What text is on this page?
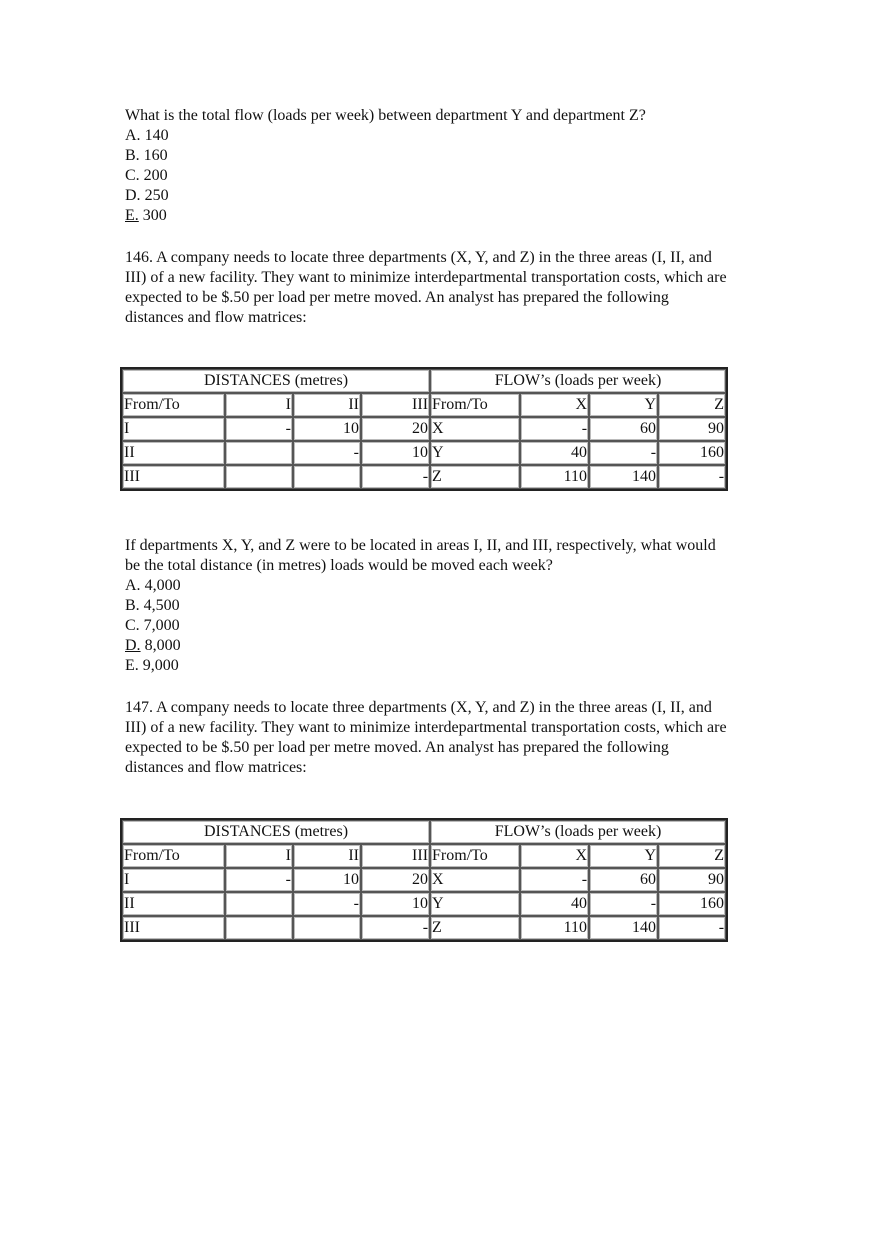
What is the total flow (loads per week) between department Y and department Z?
A. 140
B. 160
C. 200
D. 250
E. 300
146. A company needs to locate three departments (X, Y, and Z) in the three areas (I, II, and
III) of a new facility. They want to minimize interdepartmental transportation costs, which are
expected to be $.50 per load per metre moved. An analyst has prepared the following
distances and flow matrices:
DISTANCES (metres)				FLOW’s (loads per week)			
From/To	I	II	III	From/To	X	Y	Z
I	-	10	20	X	-	60	90
II		-	10	Y	40	-	160
III			-	Z	110	140	-
If departments X, Y, and Z were to be located in areas I, II, and III, respectively, what would
be the total distance (in metres) loads would be moved each week?
A. 4,000
B. 4,500
C. 7,000
D. 8,000
E. 9,000
147. A company needs to locate three departments (X, Y, and Z) in the three areas (I, II, and
III) of a new facility. They want to minimize interdepartmental transportation costs, which are
expected to be $.50 per load per metre moved. An analyst has prepared the following
distances and flow matrices:
DISTANCES (metres)				FLOW’s (loads per week)			
From/To	I	II	III	From/To	X	Y	Z
I	-	10	20	X	-	60	90
II		-	10	Y	40	-	160
III			-	Z	110	140	-
